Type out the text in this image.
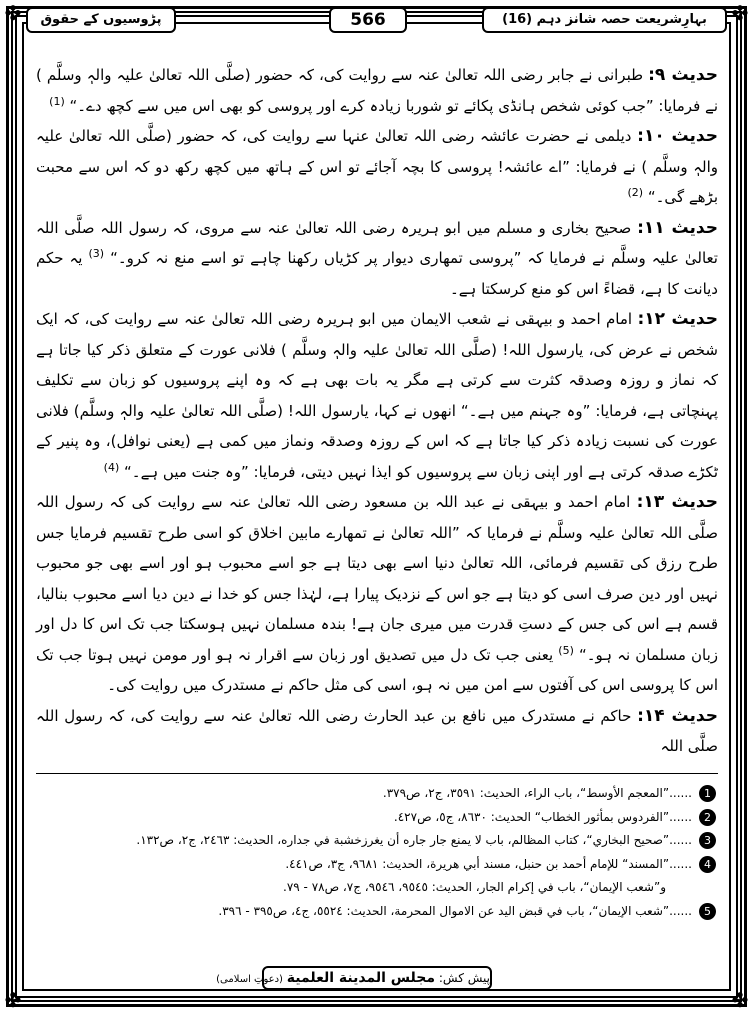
✤	✤
✤	✤
بہارِشریعت حصہ شانز دہم (16)
566
پڑوسیوں کے حقوق

حدیث ۹: طبرانی نے جابر رضی اللہ تعالیٰ عنہ سے روایت کی، کہ حضور (صلَّی اللہ تعالیٰ علیہ والہٖ وسلَّم ) نے فرمایا: ”جب کوئی شخص ہانڈی پکائے تو شوربا زیادہ کرے اور پروسی کو بھی اس میں سے کچھ دے۔“ $^{(1)}$

حدیث ۱۰: دیلمی نے حضرت عائشہ رضی اللہ تعالیٰ عنہا سے روایت کی، کہ حضور (صلَّی اللہ تعالیٰ علیہ والہٖ وسلَّم ) نے فرمایا: ”اے عائشہ! پروسی کا بچہ آجائے تو اس کے ہاتھ میں کچھ رکھ دو کہ اس سے محبت بڑھے گی۔“ $^{(2)}$

حدیث ۱۱: صحیح بخاری و مسلم میں ابو ہریرہ رضی اللہ تعالیٰ عنہ سے مروی، کہ رسول اللہ صلَّی اللہ تعالیٰ علیہ وسلَّم نے فرمایا کہ ”پروسی تمھاری دیوار پر کڑیاں رکھنا چاہے تو اسے منع نہ کرو۔“ $^{(3)}$ یہ حکم دیانت کا ہے، قضاءً اس کو منع کرسکتا ہے۔

حدیث ۱۲: امام احمد و بیہقی نے شعب الایمان میں ابو ہریرہ رضی اللہ تعالیٰ عنہ سے روایت کی، کہ ایک شخص نے عرض کی، یارسول اللہ! (صلَّی اللہ تعالیٰ علیہ والہٖ وسلَّم ) فلانی عورت کے متعلق ذکر کیا جاتا ہے کہ نماز و روزہ وصدقہ کثرت سے کرتی ہے مگر یہ بات بھی ہے کہ وہ اپنے پروسیوں کو زبان سے تکلیف پہنچاتی ہے، فرمایا: ”وہ جہنم میں ہے۔“ انھوں نے کہا، یارسول اللہ! (صلَّی اللہ تعالیٰ علیہ والہٖ وسلَّم) فلانی عورت کی نسبت زیادہ ذکر کیا جاتا ہے کہ اس کے روزہ وصدقہ ونماز میں کمی ہے (یعنی نوافل)، وہ پنیر کے ٹکڑے صدقہ کرتی ہے اور اپنی زبان سے پروسیوں کو ایذا نہیں دیتی، فرمایا: ”وہ جنت میں ہے۔“ $^{(4)}$

حدیث ۱۳: امام احمد و بیہقی نے عبد اللہ بن مسعود رضی اللہ تعالیٰ عنہ سے روایت کی کہ رسول اللہ صلَّی اللہ تعالیٰ علیہ وسلَّم نے فرمایا کہ ”اللہ تعالیٰ نے تمھارے مابین اخلاق کو اسی طرح تقسیم فرمایا جس طرح رزق کی تقسیم فرمائی، اللہ تعالیٰ دنیا اسے بھی دیتا ہے جو اسے محبوب ہو اور اسے بھی جو محبوب نہیں اور دین صرف اسی کو دیتا ہے جو اس کے نزدیک پیارا ہے، لہٰذا جس کو خدا نے دین دیا اسے محبوب بنالیا، قسم ہے اس کی جس کے دستِ قدرت میں میری جان ہے! بندہ مسلمان نہیں ہوسکتا جب تک اس کا دل اور زبان مسلمان نہ ہو۔“ $^{(5)}$ یعنی جب تک دل میں تصدیق اور زبان سے اقرار نہ ہو اور مومن نہیں ہوتا جب تک اس کا پروسی اس کی آفتوں سے امن میں نہ ہو، اسی کی مثل حاکم نے مستدرک میں روایت کی۔

حدیث ۱۴: حاکم نے مستدرک میں نافع بن عبد الحارث رضی اللہ تعالیٰ عنہ سے روایت کی، کہ رسول اللہ صلَّی اللہ

1
......”المعجم الأوسط“، باب الراء، الحديث: ٣٥٩١، ج٢، ص٣٧٩.
2
......”الفردوس بمأثور الخطاب“ الحديث: ٨٦٣٠، ج٥، ص٤٢٧.
3
......”صحيح البخاري“، كتاب المظالم، باب لا يمنع جار جاره أن يغرزخشبة في جداره، الحديث: ٢٤٦٣، ج٢، ص١٣٢.
4
......”المسند“ للإمام أحمد بن حنبل، مسند أبي هريرة، الحديث: ٩٦٨١، ج٣، ص٤٤١.
و”شعب الإيمان“، باب في إكرام الجار، الحديث: ٩٥٤٥، ٩٥٤٦، ج٧، ص٧٨ - ٧٩.
5
......”شعب الإيمان“، باب في قبض اليد عن الاموال المحرمة، الحديث: ٥٥٢٤، ج٤، ص٣٩٥ - ٣٩٦.
پیش کش: مجلس المدينة العلمية (دعوتِ اسلامی)
